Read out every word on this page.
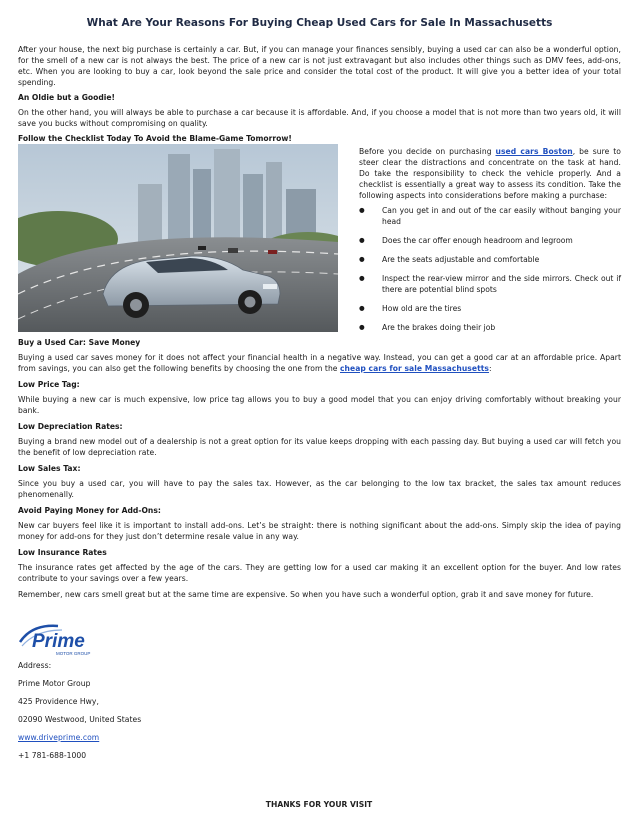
What Are Your Reasons For Buying Cheap Used Cars for Sale In Massachusetts

After your house, the next big purchase is certainly a car. But, if you can manage your finances sensibly, buying a used car can also be a wonderful option, for the smell of a new car is not always the best. The price of a new car is not just extravagant but also includes other things such as DMV fees, add-ons, etc. When you are looking to buy a car, look beyond the sale price and consider the total cost of the product. It will give you a better idea of your total spending.

An Oldie but a Goodie!

On the other hand, you will always be able to purchase a car because it is affordable. And, if you choose a model that is not more than two years old, it will save you bucks without compromising on quality.

Follow the Checklist Today To Avoid the Blame-Game Tomorrow!

Before you decide on purchasing used cars Boston, be sure to steer clear the distractions and concentrate on the task at hand. Do take the responsibility to check the vehicle properly. And a checklist is essentially a great way to assess its condition. Take the following aspects into considerations before making a purchase:

● Can you get in and out of the car easily without banging your head
● Does the car offer enough headroom and legroom
● Are the seats adjustable and comfortable
● Inspect the rear-view mirror and the side mirrors. Check out if there are potential blind spots
● How old are the tires
● Are the brakes doing their job
Buy a Used Car: Save Money

Buying a used car saves money for it does not affect your financial health in a negative way. Instead, you can get a good car at an affordable price. Apart from savings, you can also get the following benefits by choosing the one from the cheap cars for sale Massachusetts:

Low Price Tag:

While buying a new car is much expensive, low price tag allows you to buy a good model that you can enjoy driving comfortably without breaking your bank.

Low Depreciation Rates:

Buying a brand new model out of a dealership is not a great option for its value keeps dropping with each passing day. But buying a used car will fetch you the benefit of low depreciation rate.

Low Sales Tax:

Since you buy a used car, you will have to pay the sales tax. However, as the car belonging to the low tax bracket, the sales tax amount reduces phenomenally.

Avoid Paying Money for Add-Ons:

New car buyers feel like it is important to install add-ons. Let’s be straight: there is nothing significant about the add-ons. Simply skip the idea of paying money for add-ons for they just don’t determine resale value in any way.

Low Insurance Rates

The insurance rates get affected by the age of the cars. They are getting low for a used car making it an excellent option for the buyer. And low rates contribute to your savings over a few years.

Remember, new cars smell great but at the same time are expensive. So when you have such a wonderful option, grab it and save money for future.

Prime
MOTOR GROUP

Address:

Prime Motor Group

425 Providence Hwy,

02090 Westwood, United States

www.driveprime.com

+1 781-688-1000

THANKS FOR YOUR VISIT
